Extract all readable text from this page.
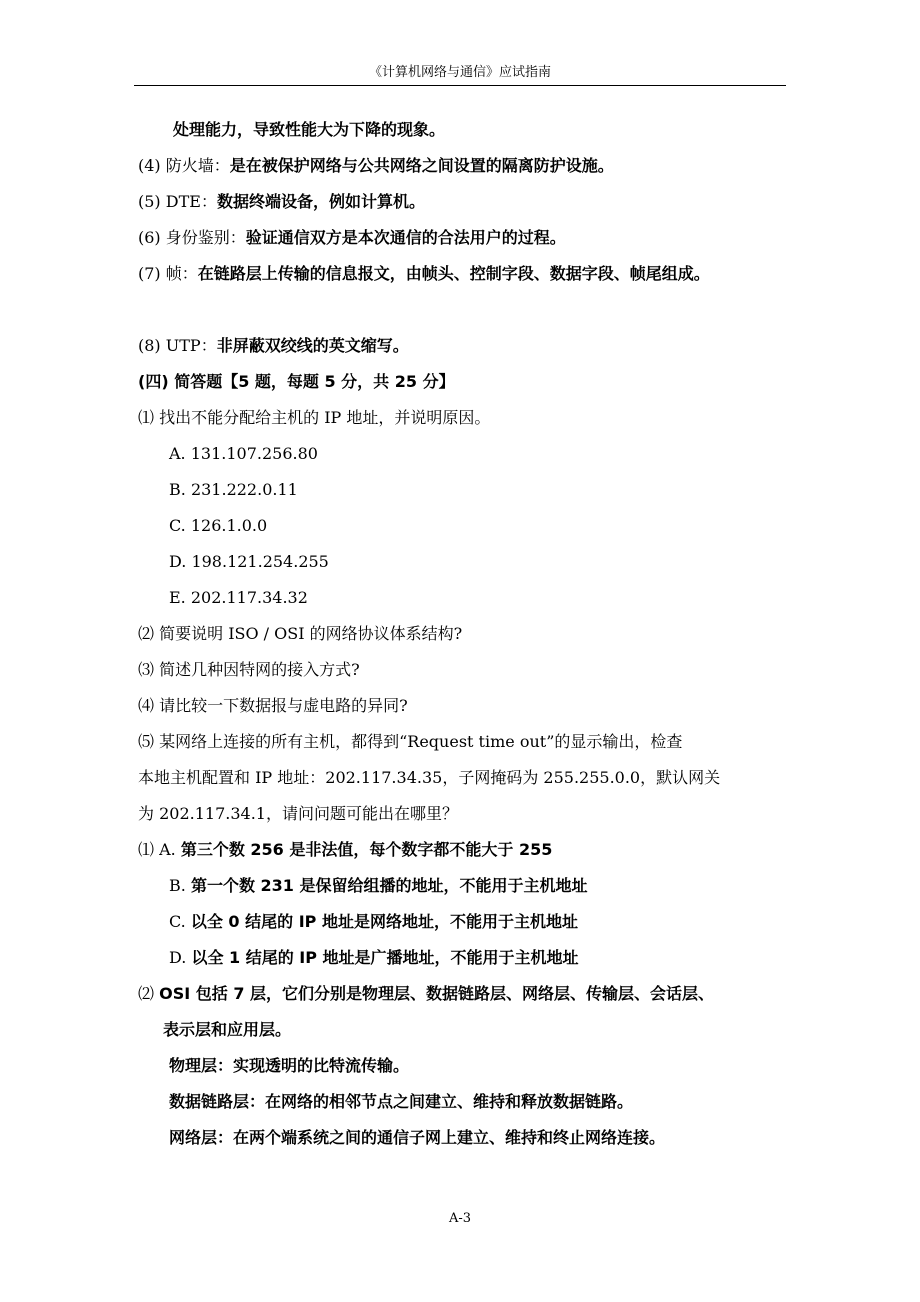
《计算机网络与通信》应试指南
处理能力，导致性能大为下降的现象。
(4) 防火墙：是在被保护网络与公共网络之间设置的隔离防护设施。
(5) DTE：数据终端设备，例如计算机。
(6) 身份鉴别：验证通信双方是本次通信的合法用户的过程。
(7) 帧：在链路层上传输的信息报文，由帧头、控制字段、数据字段、帧尾组成。
(8) UTP：非屏蔽双绞线的英文缩写。
(四) 简答题【5 题，每题 5 分，共 25 分】
⑴ 找出不能分配给主机的 IP 地址，并说明原因。
A. 131.107.256.80
B. 231.222.0.11
C. 126.1.0.0
D. 198.121.254.255
E. 202.117.34.32
⑵ 简要说明 ISO / OSI 的网络协议体系结构?
⑶ 简述几种因特网的接入方式?
⑷ 请比较一下数据报与虚电路的异同?
⑸ 某网络上连接的所有主机，都得到“Request time out”的显示输出，检查
本地主机配置和 IP 地址：202.117.34.35，子网掩码为 255.255.0.0，默认网关
为 202.117.34.1，请问问题可能出在哪里？
⑴ A. 第三个数 256 是非法值，每个数字都不能大于 255
B. 第一个数 231 是保留给组播的地址，不能用于主机地址
C. 以全 0 结尾的 IP 地址是网络地址，不能用于主机地址
D. 以全 1 结尾的 IP 地址是广播地址，不能用于主机地址
⑵ OSI 包括 7 层，它们分别是物理层、数据链路层、网络层、传输层、会话层、
表示层和应用层。
物理层：实现透明的比特流传输。
数据链路层：在网络的相邻节点之间建立、维持和释放数据链路。
网络层：在两个端系统之间的通信子网上建立、维持和终止网络连接。
A-3
